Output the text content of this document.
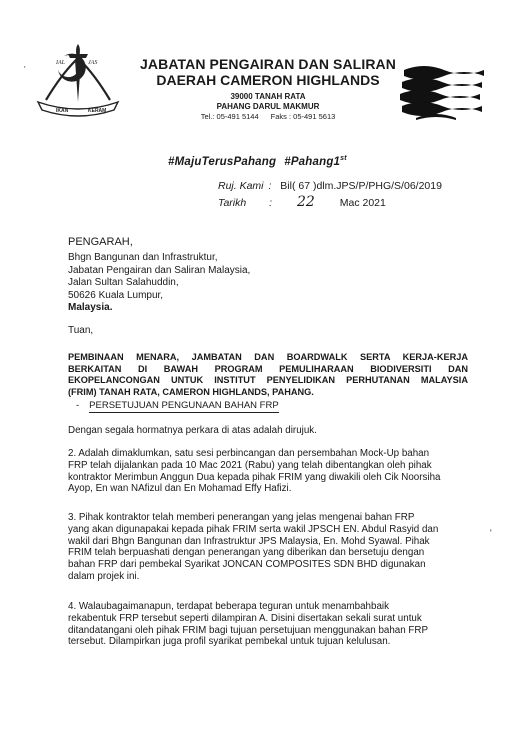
IKAN	KERAM
IAL	JAS
'	JABATAN PENGAIRAN DAN SALIRAN
DAERAH CAMERON HIGHLANDS
39000 TANAH RATA
PAHANG DARUL MAKMUR
Tel.: 05-491 5144 Faks : 05-491 5613
#MajuTerusPahang #Pahang1st
Ruj. Kami : Bil( 67 )dlm.JPS/P/PHG/S/06/2019
Tarikh : 22 Mac 2021
PENGARAH,
Bhgn Bangunan dan Infrastruktur,
Jabatan Pengairan dan Saliran Malaysia,
Jalan Sultan Salahuddin,
50626 Kuala Lumpur,
Malaysia.
Tuan,
PEMBINAAN MENARA, JAMBATAN DAN BOARDWALK SERTA KERJA-KERJA
BERKAITAN DI BAWAH PROGRAM PEMULIHARAAN BIODIVERSITI DAN
EKOPELANCONGAN UNTUK INSTITUT PENYELIDIKAN PERHUTANAN MALAYSIA
(FRIM) TANAH RATA, CAMERON HIGHLANDS, PAHANG.
- PERSETUJUAN PENGUNAAN BAHAN FRP
Dengan segala hormatnya perkara di atas adalah dirujuk.
2. Adalah dimaklumkan, satu sesi perbincangan dan persembahan Mock-Up bahan
FRP telah dijalankan pada 10 Mac 2021 (Rabu) yang telah dibentangkan oleh pihak
kontraktor Merimbun Anggun Dua kepada pihak FRIM yang diwakili oleh Cik Noorsiha
Ayop, En wan NAfizul dan En Mohamad Effy Hafizi.
3. Pihak kontraktor telah memberi penerangan yang jelas mengenai bahan FRP
yang akan digunapakai kepada pihak FRIM serta wakil JPSCH EN. Abdul Rasyid dan
wakil dari Bhgn Bangunan dan Infrastruktur JPS Malaysia, En. Mohd Syawal. Pihak
FRIM telah berpuashati dengan penerangan yang diberikan dan bersetuju dengan
bahan FRP dari pembekal Syarikat JONCAN COMPOSITES SDN BHD digunakan
dalam projek ini.
4. Walaubagaimanapun, terdapat beberapa teguran untuk menambahbaik
rekabentuk FRP tersebut seperti dilampiran A. Disini disertakan sekali surat untuk
ditandatangani oleh pihak FRIM bagi tujuan persetujuan menggunakan bahan FRP
tersebut. Dilampirkan juga profil syarikat pembekal untuk tujuan kelulusan.
'
